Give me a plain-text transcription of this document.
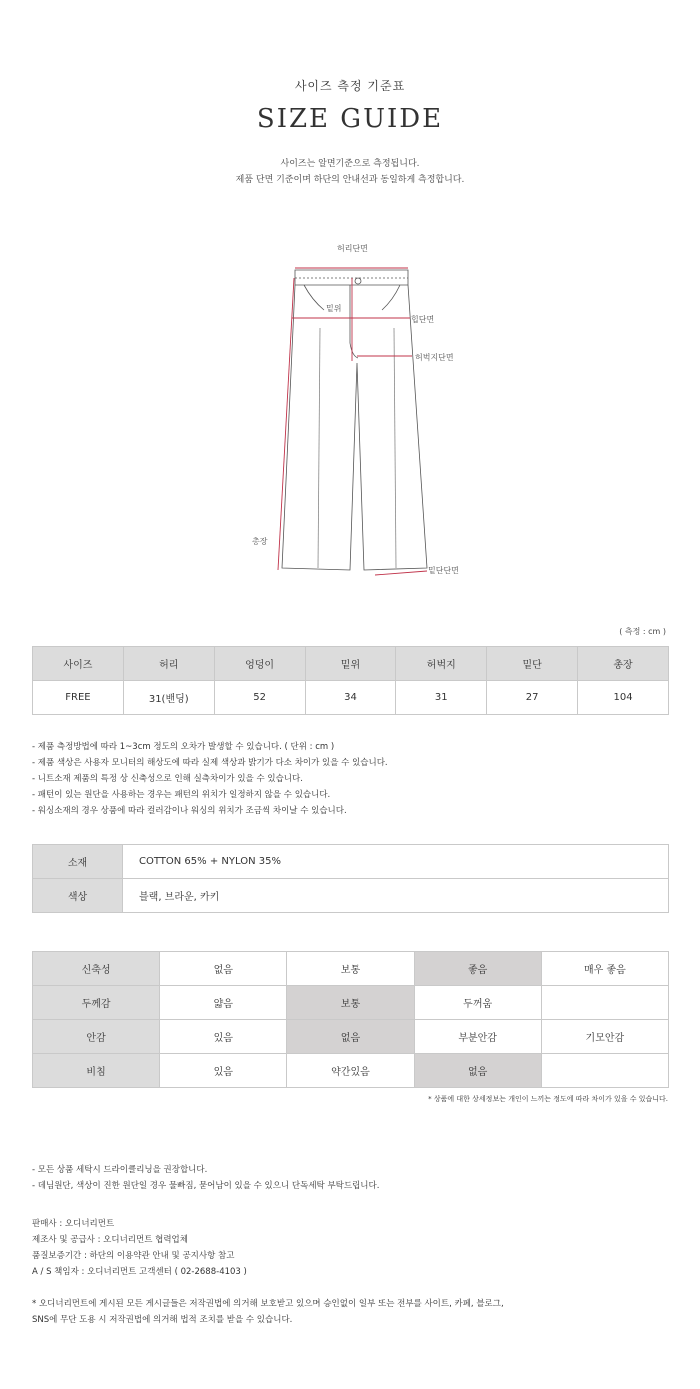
사이즈 측정 기준표
SIZE GUIDE
사이즈는 알면기준으로 측정됩니다.
제품 단면 기준이며 하단의 안내선과 동일하게 측정합니다.
허리단면
밑위
힙단면
허벅지단면
총장
밑단단면
( 측정 : cm )
사이즈	허리	엉덩이	밑위	허벅지	밑단	총장
FREE	31(밴딩)	52	34	31	27	104
- 제품 측정방법에 따라 1~3cm 정도의 오차가 발생할 수 있습니다. ( 단위 : cm )
- 제품 색상은 사용자 모니터의 해상도에 따라 실제 색상과 밝기가 다소 차이가 있을 수 있습니다.
- 니트소재 제품의 특정 상 신축성으로 인해 실측차이가 있을 수 있습니다.
- 패턴이 있는 원단을 사용하는 경우는 패턴의 위치가 일정하지 않을 수 있습니다.
- 워싱소재의 경우 상품에 따라 컬러감이나 워싱의 위치가 조금씩 차이날 수 있습니다.
소재	COTTON 65% + NYLON 35%
색상	블랙, 브라운, 카키
신축성	없음	보통	좋음	매우 좋음
두께감	얇음	보통	두꺼움	
안감	있음	없음	부분안감	기모안감
비침	있음	약간있음	없음	
* 상품에 대한 상세정보는 개인이 느끼는 정도에 따라 차이가 있을 수 있습니다.
- 모든 상품 세탁시 드라이클리닝을 권장합니다.
- 데님원단, 색상이 진한 원단일 경우 물빠짐, 묻어남이 있을 수 있으니 단독세탁 부탁드립니다.
판매사 : 오디너리먼트
제조사 및 공급사 : 오디너리먼트 협력업체
품질보증기간 : 하단의 이용약관 안내 및 공지사항 참고
A / S 책임자 : 오디너리먼트 고객센터 ( 02-2688-4103 )
* 오디너리먼트에 게시된 모든 게시글들은 저작권법에 의거해 보호받고 있으며 승인없이 일부 또는 전부를 사이트, 카페, 블로그,
SNS에 무단 도용 시 저작권법에 의거해 법적 조치를 받을 수 있습니다.
